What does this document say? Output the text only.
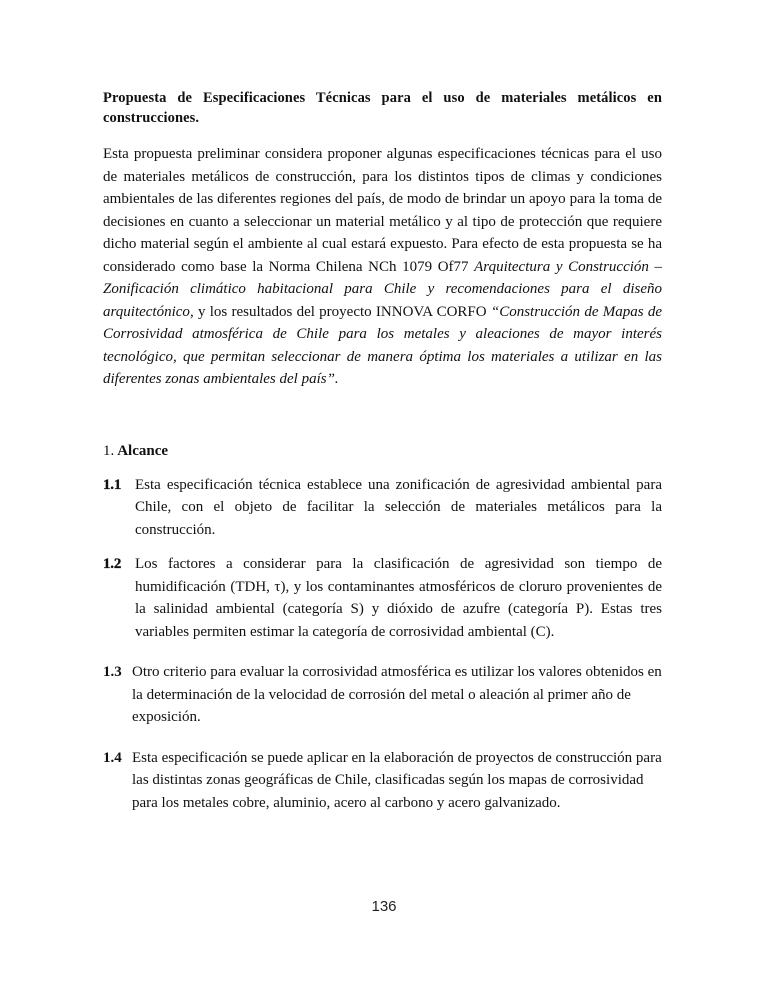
Propuesta de Especificaciones Técnicas para el uso de materiales metálicos en construcciones.

Esta propuesta preliminar considera proponer algunas especificaciones técnicas para el uso de materiales metálicos de construcción, para los distintos tipos de climas y condiciones ambientales de las diferentes regiones del país, de modo de brindar un apoyo para la toma de decisiones en cuanto a seleccionar un material metálico y al tipo de protección que requiere dicho material según el ambiente al cual estará expuesto. Para efecto de esta propuesta se ha considerado como base la Norma Chilena NCh 1079 Of77 Arquitectura y Construcción – Zonificación climático habitacional para Chile y recomendaciones para el diseño arquitectónico, y los resultados del proyecto INNOVA CORFO “Construcción de Mapas de Corrosividad atmosférica de Chile para los metales y aleaciones de mayor interés tecnológico, que permitan seleccionar de manera óptima los materiales a utilizar en las diferentes zonas ambientales del país”.

1. Alcance
1.1 Esta especificación técnica establece una zonificación de agresividad ambiental para Chile, con el objeto de facilitar la selección de materiales metálicos para la construcción.
1.2 Los factores a considerar para la clasificación de agresividad son tiempo de humidificación (TDH, τ), y los contaminantes atmosféricos de cloruro provenientes de la salinidad ambiental (categoría S) y dióxido de azufre (categoría P). Estas tres variables permiten estimar la categoría de corrosividad ambiental (C).
1.3 Otro criterio para evaluar la corrosividad atmosférica es utilizar los valores obtenidos en la determinación de la velocidad de corrosión del metal o aleación al primer año de exposición.
1.4 Esta especificación se puede aplicar en la elaboración de proyectos de construcción para las distintas zonas geográficas de Chile, clasificadas según los mapas de corrosividad para los metales cobre, aluminio, acero al carbono y acero galvanizado.
136
